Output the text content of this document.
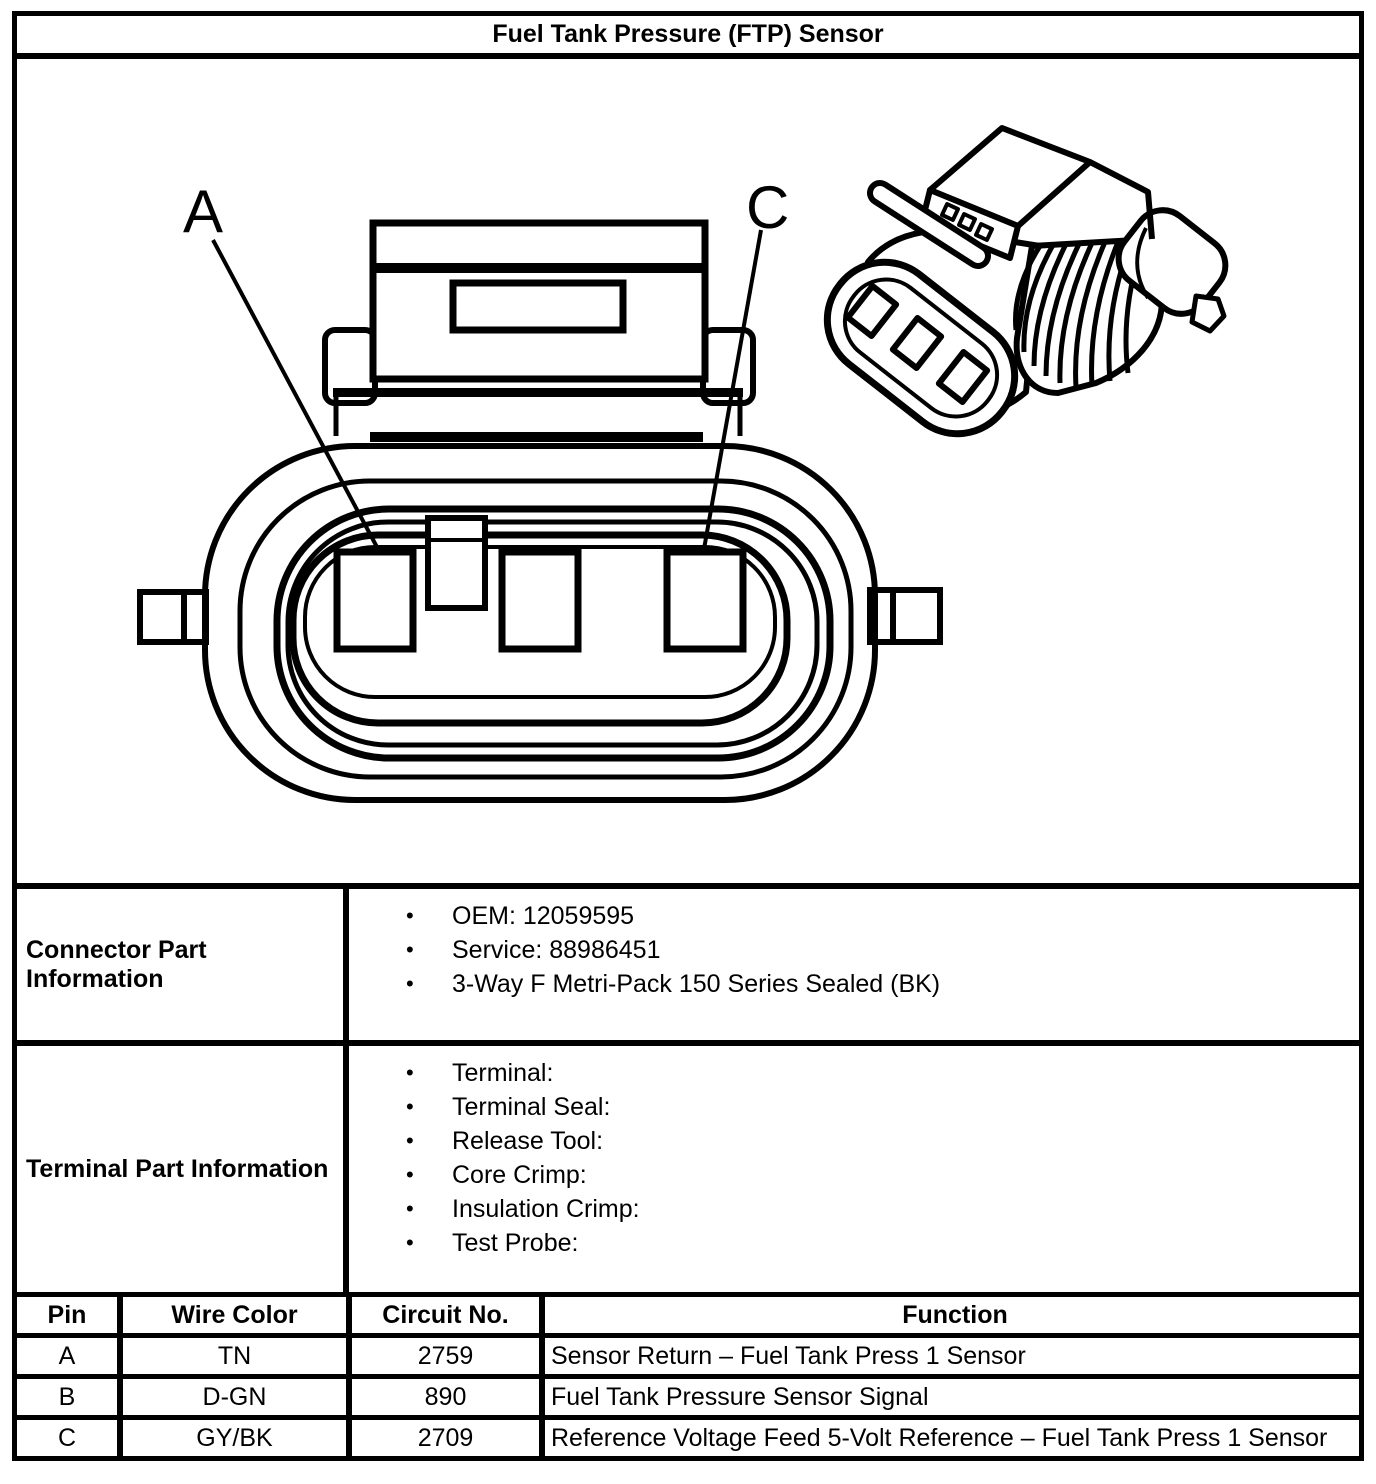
Fuel Tank Pressure (FTP) Sensor
A	C
Connector Part Information
•	OEM: 12059595
•	Service: 88986451
•	3-Way F Metri-Pack 150 Series Sealed (BK)
Terminal Part Information
•	Terminal:
•	Terminal Seal:
•	Release Tool:
•	Core Crimp:
•	Insulation Crimp:
•	Test Probe:
Pin	Wire Color	Circuit No.	Function
A	TN	2759	Sensor Return – Fuel Tank Press 1 Sensor
B	D-GN	890	Fuel Tank Pressure Sensor Signal
C	GY/BK	2709	Reference Voltage Feed 5-Volt Reference – Fuel Tank Press 1 Sensor
